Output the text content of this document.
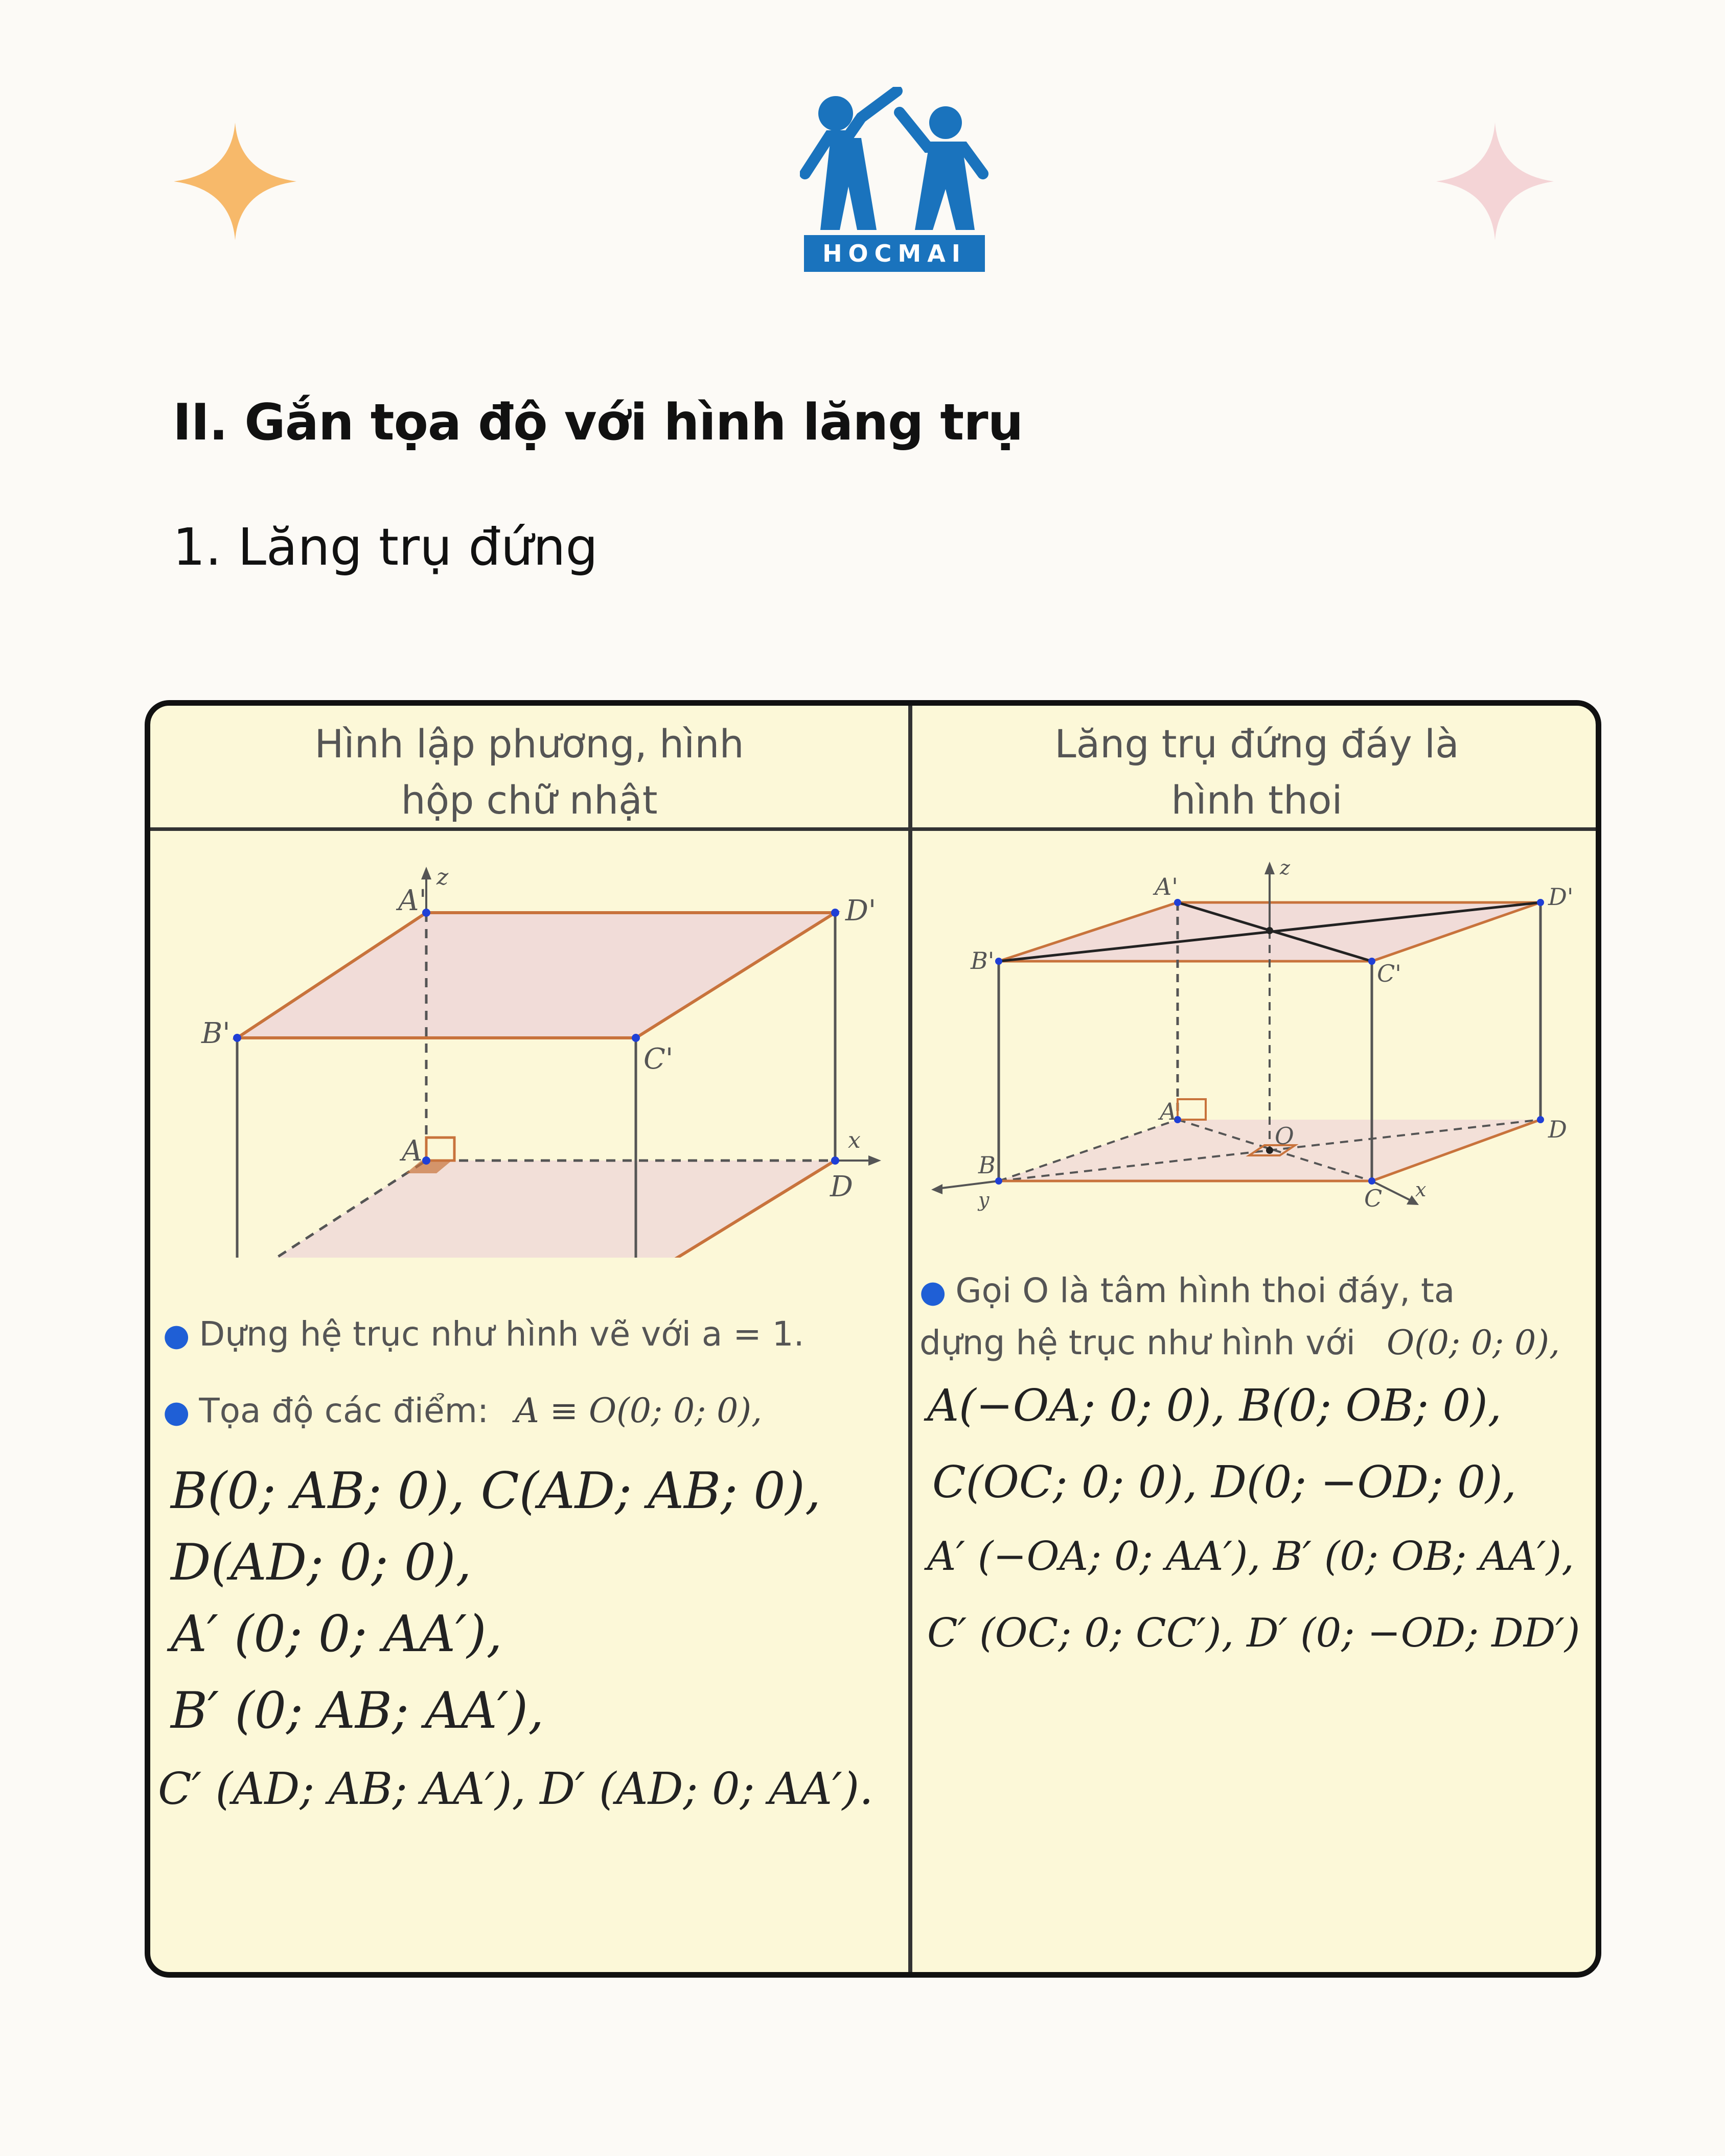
HOCMAI
II. Gắn tọa độ với hình lăng trụ
1. Lăng trụ đứng
Hình lập phương, hình
hộp chữ nhật
Lăng trụ đứng đáy là
hình thoi
A'	D'
B'
C'
A
D
z
x
A'	D'
B'	C'
A
D
B
C
O
z
x
y
● Dựng hệ trục như hình vẽ với a = 1.
● Tọa độ các điểm: A ≡ O(0; 0; 0),
B(0; AB; 0), C(AD; AB; 0),
D(AD; 0; 0),
A′ (0; 0; AA′),
B′ (0; AB; AA′),
C′ (AD; AB; AA′), D′ (AD; 0; AA′).
● Gọi O là tâm hình thoi đáy, ta
dựng hệ trục như hình với O(0; 0; 0),
A(−OA; 0; 0), B(0; OB; 0),
C(OC; 0; 0), D(0; −OD; 0),
A′ (−OA; 0; AA′), B′ (0; OB; AA′),
C′ (OC; 0; CC′), D′ (0; −OD; DD′)
